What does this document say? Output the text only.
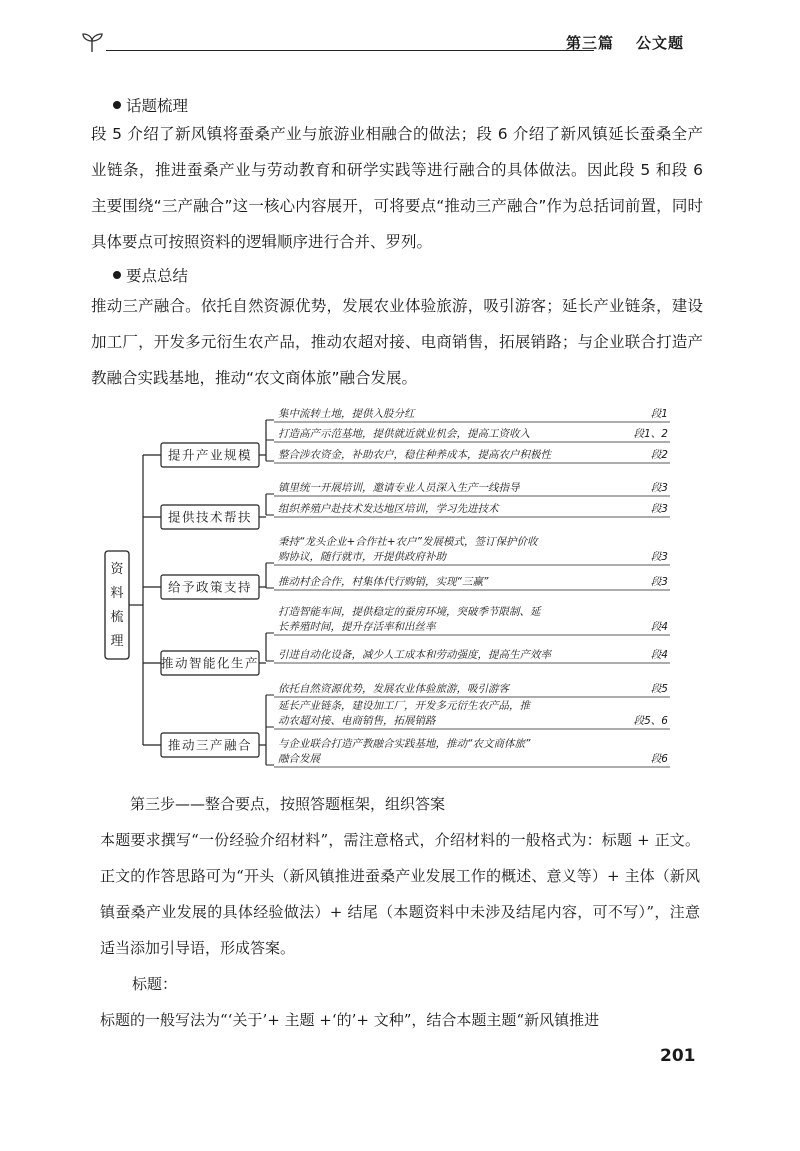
第三篇 公文题
话题梳理
段 5 介绍了新风镇将蚕桑产业与旅游业相融合的做法；段 6 介绍了新风镇延长蚕桑全产业链条，推进蚕桑产业与劳动教育和研学实践等进行融合的具体做法。因此段 5 和段 6 主要围绕“三产融合”这一核心内容展开，可将要点“推动三产融合”作为总括词前置，同时具体要点可按照资料的逻辑顺序进行合并、罗列。
要点总结
推动三产融合。依托自然资源优势，发展农业体验旅游，吸引游客；延长产业链条，建设加工厂，开发多元衍生农产品，推动农超对接、电商销售，拓展销路；与企业联合打造产教融合实践基地，推动“农文商体旅”融合发展。
资
料
梳
理
提升产业规模
集中流转土地，提供入股分红	段1
打造高产示范基地，提供就近就业机会，提高工资收入	段1、2
整合涉农资金，补助农户，稳住种养成本，提高农户积极性	段2
提供技术帮扶
镇里统一开展培训，邀请专业人员深入生产一线指导	段3
组织养殖户赴技术发达地区培训，学习先进技术	段3
给予政策支持
秉持“龙头企业+合作社+农户”发展模式，签订保护价收
购协议，随行就市，开提供政府补助	段3
推动村企合作，村集体代行购销，实现“三赢”	段3
推动智能化生产
打造智能车间，提供稳定的蚕房环境，突破季节限制、延
长养殖时间，提升存活率和出丝率	段4
引进自动化设备，减少人工成本和劳动强度，提高生产效率	段4
推动三产融合
依托自然资源优势，发展农业体验旅游，吸引游客	段5
延长产业链条，建设加工厂，开发多元衍生农产品，推
动农超对接、电商销售，拓展销路	段5、6
与企业联合打造产教融合实践基地，推动“农文商体旅”
融合发展	段6
第三步——整合要点，按照答题框架，组织答案
本题要求撰写“一份经验介绍材料”，需注意格式，介绍材料的一般格式为：标题 + 正文。正文的作答思路可为“开头（新风镇推进蚕桑产业发展工作的概述、意义等）+ 主体（新风镇蚕桑产业发展的具体经验做法）+ 结尾（本题资料中未涉及结尾内容，可不写）”，注意适当添加引导语，形成答案。
标题：
标题的一般写法为“‘关于’+ 主题 +‘的’+ 文种”，结合本题主题“新风镇推进
201
